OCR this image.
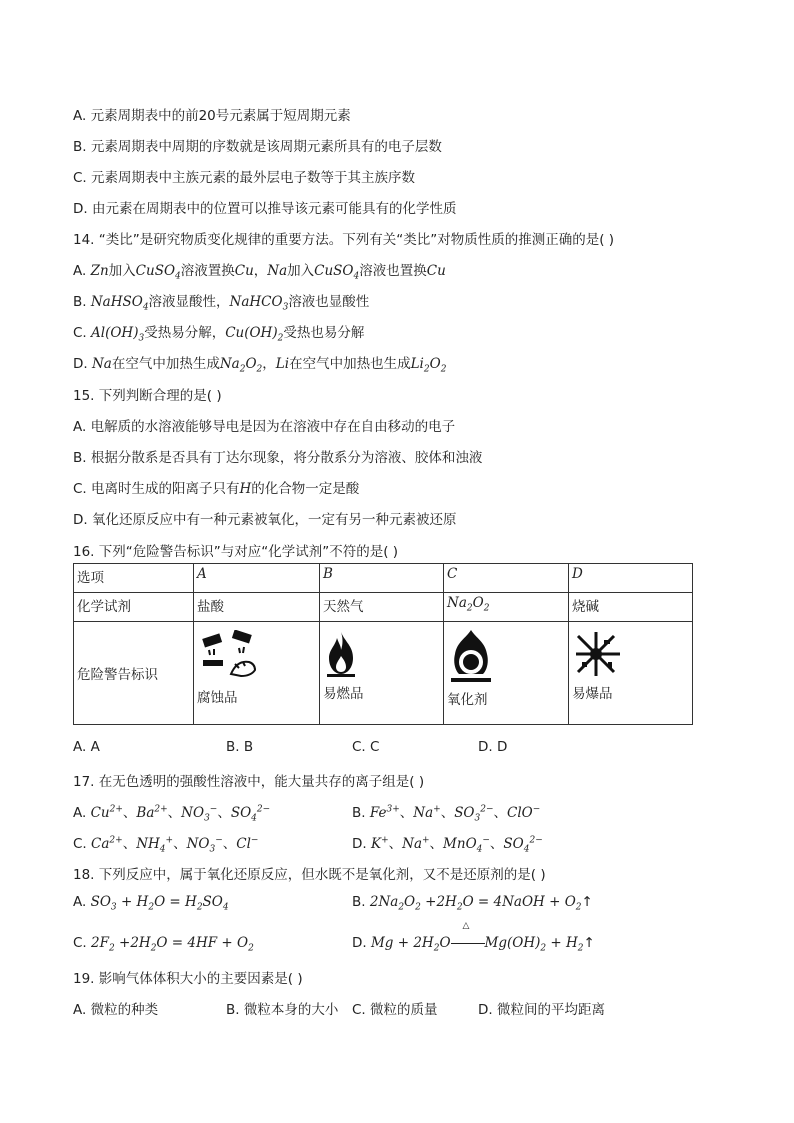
A. 元素周期表中的前20号元素属于短周期元素
B. 元素周期表中周期的序数就是该周期元素所具有的电子层数
C. 元素周期表中主族元素的最外层电子数等于其主族序数
D. 由元素在周期表中的位置可以推导该元素可能具有的化学性质
14. “类比”是研究物质变化规律的重要方法。下列有关“类比”对物质性质的推测正确的是( )
A. Zn加入CuSO$_4$溶液置换Cu，Na加入CuSO$_4$溶液也置换Cu
B. NaHSO$_4$溶液显酸性，NaHCO$_3$溶液也显酸性
C. $Al(OH)_3$受热易分解，$Cu(OH)_2$受热也易分解
D. Na在空气中加热生成$Na_2O_2$，Li在空气中加热也生成$Li_2O_2$
15. 下列判断合理的是( )
A. 电解质的水溶液能够导电是因为在溶液中存在自由移动的电子
B. 根据分散系是否具有丁达尔现象，将分散系分为溶液、胶体和浊液
C. 电离时生成的阳离子只有H的化合物一定是酸
D. 氧化还原反应中有一种元素被氧化，一定有另一种元素被还原
16. 下列“危险警告标识”与对应“化学试剂”不符的是( )
选项	A	B	C	D
化学试剂	盐酸	天然气	$Na_2O_2$	烧碱
危险警告标识	腐蚀品	易燃品	氧化剂	易爆品
A. A	B. B	C. C	D. D
17. 在无色透明的强酸性溶液中，能大量共存的离子组是( )
A. $Cu^{2+}$、$Ba^{2+}$、$NO_3^-$、$SO_4^{2-}$	B. $Fe^{3+}$、Na+、$SO_3^{2-}$、ClO−
C. $Ca^{2+}$、$NH_4^+$、$NO_3^-$、Cl−	D. K+、Na+、MnO$_4$−、$SO_4^{2-}$
18. 下列反应中，属于氧化还原反应，但水既不是氧化剂，又不是还原剂的是( )
A. $SO_3 + H_2O = H_2SO_4$	B. $2Na_2O_2 +2H_2O$ = 4NaOH + $O_2↑$
C. $2F_2 +2H_2O = 4HF + O_2$	D. $Mg + 2H_2O$
△
$Mg(OH)_2$ + $H_2↑$
19. 影响气体体积大小的主要因素是( )
A. 微粒的种类	B. 微粒本身的大小 C. 微粒的质量	D. 微粒间的平均距离
